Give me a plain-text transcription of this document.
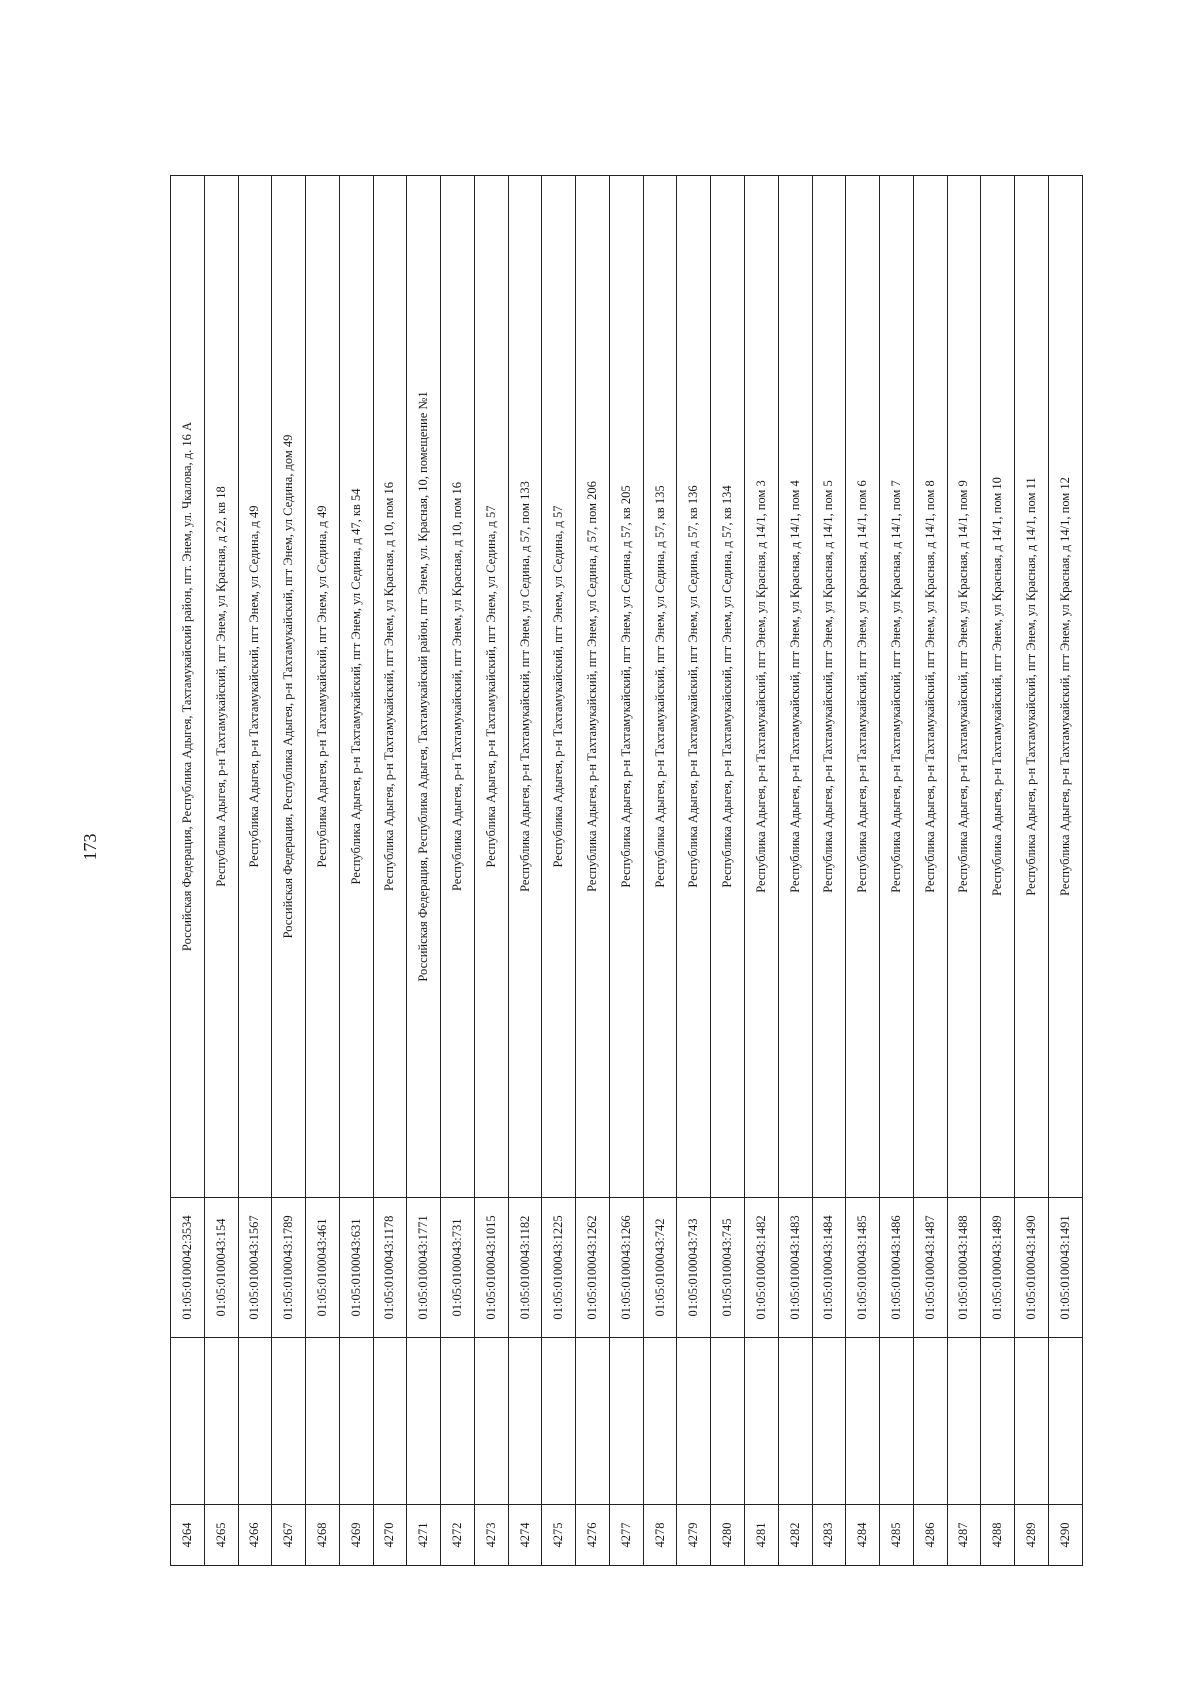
173
4264		01:05:0100042:3534	Российская Федерация, Республика Адыгея, Тахтамукайский район, пгт. Энем, ул. Чкалова, д. 16 А
4265		01:05:0100043:154	Республика Адыгея, р-н Тахтамукайский, пгт Энем, ул Красная, д 22, кв 18
4266		01:05:0100043:1567	Республика Адыгея, р-н Тахтамукайский, пгт Энем, ул Седина, д 49
4267		01:05:0100043:1789	Российская Федерация, Республика Адыгея, р-н Тахтамукайский, пгт Энем, ул Седина, дом 49
4268		01:05:0100043:461	Республика Адыгея, р-н Тахтамукайский, пгт Энем, ул Седина, д 49
4269		01:05:0100043:631	Республика Адыгея, р-н Тахтамукайский, пгт Энем, ул Седина, д 47, кв 54
4270		01:05:0100043:1178	Республика Адыгея, р-н Тахтамукайский, пгт Энем, ул Красная, д 10, пом 16
4271		01:05:0100043:1771	Российская Федерация, Республика Адыгея, Тахтамукайский район, пгт Энем, ул. Красная, 10, помещение №1
4272		01:05:0100043:731	Республика Адыгея, р-н Тахтамукайский, пгт Энем, ул Красная, д 10, пом 16
4273		01:05:0100043:1015	Республика Адыгея, р-н Тахтамукайский, пгт Энем, ул Седина, д 57
4274		01:05:0100043:1182	Республика Адыгея, р-н Тахтамукайский, пгт Энем, ул Седина, д 57, пом 133
4275		01:05:0100043:1225	Республика Адыгея, р-н Тахтамукайский, пгт Энем, ул Седина, д 57
4276		01:05:0100043:1262	Республика Адыгея, р-н Тахтамукайский, пгт Энем, ул Седина, д 57, пом 206
4277		01:05:0100043:1266	Республика Адыгея, р-н Тахтамукайский, пгт Энем, ул Седина, д 57, кв 205
4278		01:05:0100043:742	Республика Адыгея, р-н Тахтамукайский, пгт Энем, ул Седина, д 57, кв 135
4279		01:05:0100043:743	Республика Адыгея, р-н Тахтамукайский, пгт Энем, ул Седина, д 57, кв 136
4280		01:05:0100043:745	Республика Адыгея, р-н Тахтамукайский, пгт Энем, ул Седина, д 57, кв 134
4281		01:05:0100043:1482	Республика Адыгея, р-н Тахтамукайский, пгт Энем, ул Красная, д 14/1, пом 3
4282		01:05:0100043:1483	Республика Адыгея, р-н Тахтамукайский, пгт Энем, ул Красная, д 14/1, пом 4
4283		01:05:0100043:1484	Республика Адыгея, р-н Тахтамукайский, пгт Энем, ул Красная, д 14/1, пом 5
4284		01:05:0100043:1485	Республика Адыгея, р-н Тахтамукайский, пгт Энем, ул Красная, д 14/1, пом 6
4285		01:05:0100043:1486	Республика Адыгея, р-н Тахтамукайский, пгт Энем, ул Красная, д 14/1, пом 7
4286		01:05:0100043:1487	Республика Адыгея, р-н Тахтамукайский, пгт Энем, ул Красная, д 14/1, пом 8
4287		01:05:0100043:1488	Республика Адыгея, р-н Тахтамукайский, пгт Энем, ул Красная, д 14/1, пом 9
4288		01:05:0100043:1489	Республика Адыгея, р-н Тахтамукайский, пгт Энем, ул Красная, д 14/1, пом 10
4289		01:05:0100043:1490	Республика Адыгея, р-н Тахтамукайский, пгт Энем, ул Красная, д 14/1, пом 11
4290		01:05:0100043:1491	Республика Адыгея, р-н Тахтамукайский, пгт Энем, ул Красная, д 14/1, пом 12
